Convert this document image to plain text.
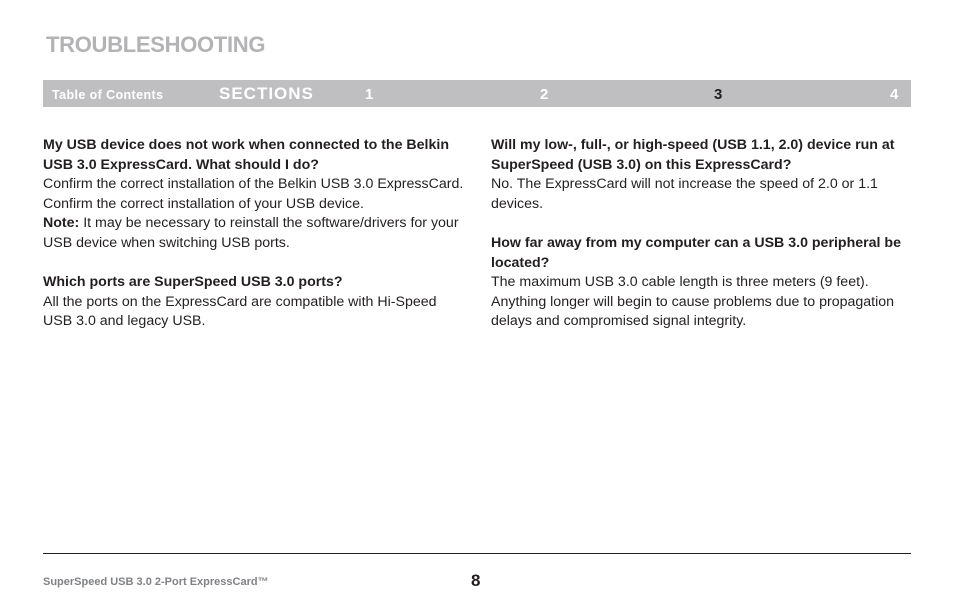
TROUBLESHOOTING
Table of Contents	SECTIONS	1	2	3	4

My USB device does not work when connected to the Belkin USB 3.0 ExpressCard. What should I do?

Confirm the correct installation of the Belkin USB 3.0 ExpressCard. Confirm the correct installation of your USB device.
Note: It may be necessary to reinstall the software/drivers for your USB device when switching USB ports.

Which ports are SuperSpeed USB 3.0 ports?

All the ports on the ExpressCard are compatible with Hi-Speed USB 3.0 and legacy USB.

Will my low-, full-, or high-speed (USB 1.1, 2.0) device run at SuperSpeed (USB 3.0) on this ExpressCard?

No. The ExpressCard will not increase the speed of 2.0 or 1.1 devices.

How far away from my computer can a USB 3.0 peripheral be located?

The maximum USB 3.0 cable length is three meters (9 feet). Anything longer will begin to cause problems due to propagation delays and compromised signal integrity.

SuperSpeed USB 3.0 2-Port ExpressCard™	8
